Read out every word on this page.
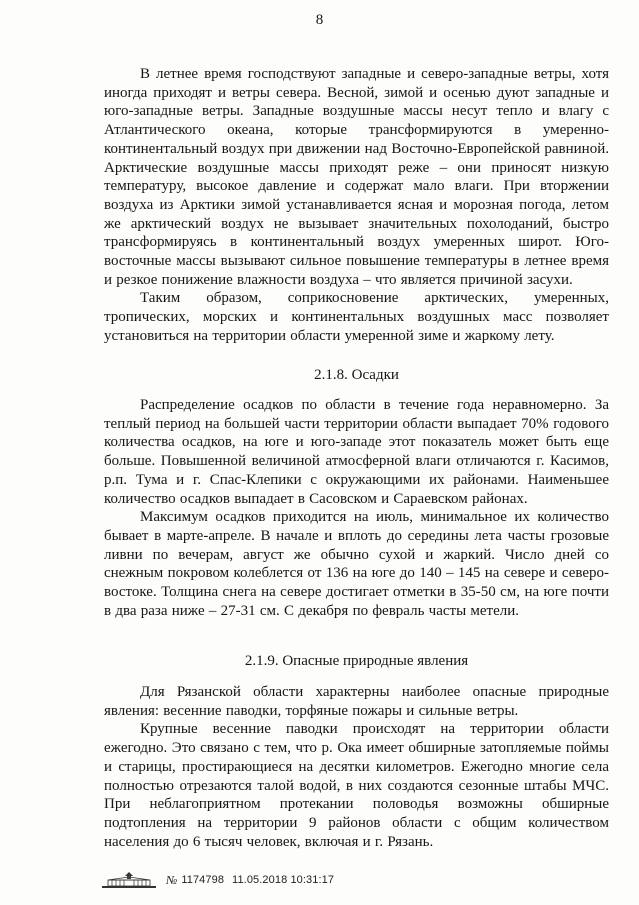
8

В летнее время господствуют западные и северо-западные ветры, хотя иногда приходят и ветры севера. Весной, зимой и осенью дуют западные и юго-западные ветры. Западные воздушные массы несут тепло и влагу с Атлантического океана, которые трансформируются в умеренно-континентальный воздух при движении над Восточно-Европейской равниной. Арктические воздушные массы приходят реже – они приносят низкую температуру, высокое давление и содержат мало влаги. При вторжении воздуха из Арктики зимой устанавливается ясная и морозная погода, летом же арктический воздух не вызывает значительных похолоданий, быстро трансформируясь в континентальный воздух умеренных широт. Юго-восточные массы вызывают сильное повышение температуры в летнее время и резкое понижение влажности воздуха – что является причиной засухи.

Таким образом, соприкосновение арктических, умеренных, тропических, морских и континентальных воздушных масс позволяет установиться на территории области умеренной зиме и жаркому лету.

2.1.8. Осадки

Распределение осадков по области в течение года неравномерно. За теплый период на большей части территории области выпадает 70% годового количества осадков, на юге и юго-западе этот показатель может быть еще больше. Повышенной величиной атмосферной влаги отличаются г. Касимов, р.п. Тума и г. Спас-Клепики с окружающими их районами. Наименьшее количество осадков выпадает в Сасовском и Сараевском районах.

Максимум осадков приходится на июль, минимальное их количество бывает в марте-апреле. В начале и вплоть до середины лета часты грозовые ливни по вечерам, август же обычно сухой и жаркий. Число дней со снежным покровом колеблется от 136 на юге до 140 – 145 на севере и северо-востоке. Толщина снега на севере достигает отметки в 35-50 см, на юге почти в два раза ниже – 27-31 см. С декабря по февраль часты метели.

2.1.9. Опасные природные явления

Для Рязанской области характерны наиболее опасные природные явления: весенние паводки, торфяные пожары и сильные ветры.

Крупные весенние паводки происходят на территории области ежегодно. Это связано с тем, что р. Ока имеет обширные затопляемые поймы и старицы, простирающиеся на десятки километров. Ежегодно многие села полностью отрезаются талой водой, в них создаются сезонные штабы МЧС. При неблагоприятном протекании половодья возможны обширные подтопления на территории 9 районов области с общим количеством населения до 6 тысяч человек, включая и г. Рязань.

№ 1174798 11.05.2018 10:31:17
